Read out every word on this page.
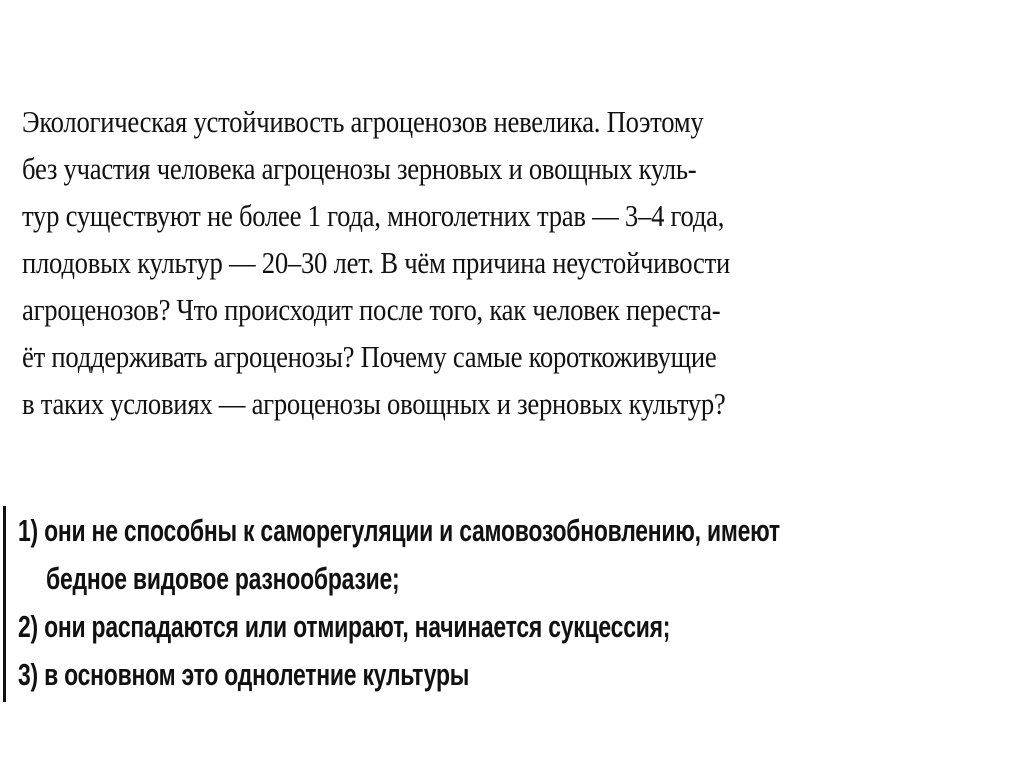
Экологическая устойчивость агроценозов невелика. Поэтому
без участия человека агроценозы зерновых и овощных куль-
тур существуют не более 1 года, многолетних трав — 3–4 года,
плодовых культур — 20–30 лет. В чём причина неустойчивости
агроценозов? Что происходит после того, как человек переста-
ёт поддерживать агроценозы? Почему самые короткоживущие
в таких условиях — агроценозы овощных и зерновых культур?
1) они не способны к саморегуляции и самовозобновлению, имеют
бедное видовое разнообразие;
2) они распадаются или отмирают, начинается сукцессия;
3) в основном это однолетние культуры
